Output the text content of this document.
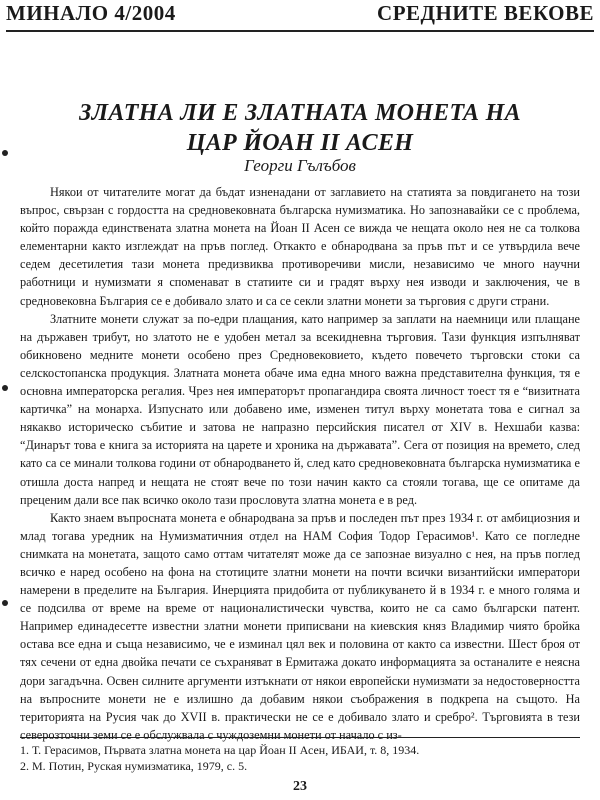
МИНАЛО 4/2004	СРЕДНИТЕ ВЕКОВЕ
ЗЛАТНА ЛИ Е ЗЛАТНАТА МОНЕТА НА
ЦАР ЙОАН II АСЕН
Георги Гълъбов

Някои от читателите могат да бъдат изненадани от заглавието на статията за повдигането на този въпрос, свързан с гордостта на средновековната българска нумизматика. Но запознавайки се с проблема, който поражда единствената златна монета на Йоан II Асен се вижда че нещата около нея не са толкова елементарни както изглеждат на пръв поглед. Откакто е обнародвана за пръв път и се утвърдила вече седем десетилетия тази монета предизвиква противоречиви мисли, независимо че много научни работници и нумизмати я споменават в статиите си и градят върху нея изводи и заключения, че в средновековна България се е добивало злато и са се секли златни монети за търговия с други страни.

Златните монети служат за по-едри плащания, като например за заплати на наемници или плащане на държавен трибут, но златото не е удобен метал за всекидневна търговия. Тази функция изпълняват обикновено медните монети особено през Средновековието, където повечето търговски стоки са селскостопанска продукция. Златната монета обаче има една много важна представителна функция, тя е основна императорска регалия. Чрез нея императорът пропагандира своята личност тоест тя е “визитната картичка” на монарха. Изпуснато или добавено име, изменен титул върху монетата това е сигнал за някакво историческо събитие и затова не напразно персийския писател от XIV в. Нехшаби казва: “Динарът това е книга за историята на царете и хроника на държавата”. Сега от позиция на времето, след като са се минали толкова години от обнародването й, след като средновековната българска нумизматика е отишла доста напред и нещата не стоят вече по този начин както са стояли тогава, ще се опитаме да преценим дали все пак всичко около тази прословута златна монета е в ред.

Както знаем въпросната монета е обнародвана за пръв и последен път през 1934 г. от амбициозния и млад тогава уредник на Нумизматичния отдел на НАМ София Тодор Герасимов¹. Като се погледне снимката на монетата, защото само оттам читателят може да се запознае визуално с нея, на пръв поглед всичко е наред особено на фона на стотиците златни монети на почти всички византийски императори намерени в пределите на България. Инерцията придобита от публикуването й в 1934 г. е много голяма и се подсилва от време на време от националистически чувства, които не са само български патент. Например единадесетте известни златни монети приписвани на киевския княз Владимир чиято бройка остава все една и съща независимо, че е изминал цял век и половина от както са известни. Шест броя от тях сечени от една двойка печати се съхраняват в Ермитажа докато информацията за останалите е неясна дори загадъчна. Освен силните аргументи изтъкнати от някои европейски нумизмати за недостоверността на въпросните монети не е излишно да добавим някои съображения в подкрепа на същото. На територията на Русия чак до XVII в. практически не се е добивало злато и сребро². Търговията в тези северозточни земи се е обслужвала с чуждоземни монети от начало с из-

1. Т. Герасимов, Първата златна монета на цар Йоан II Асен, ИБАИ, т. 8, 1934.
2. М. Потин, Руская нумизматика, 1979, с. 5.
23
